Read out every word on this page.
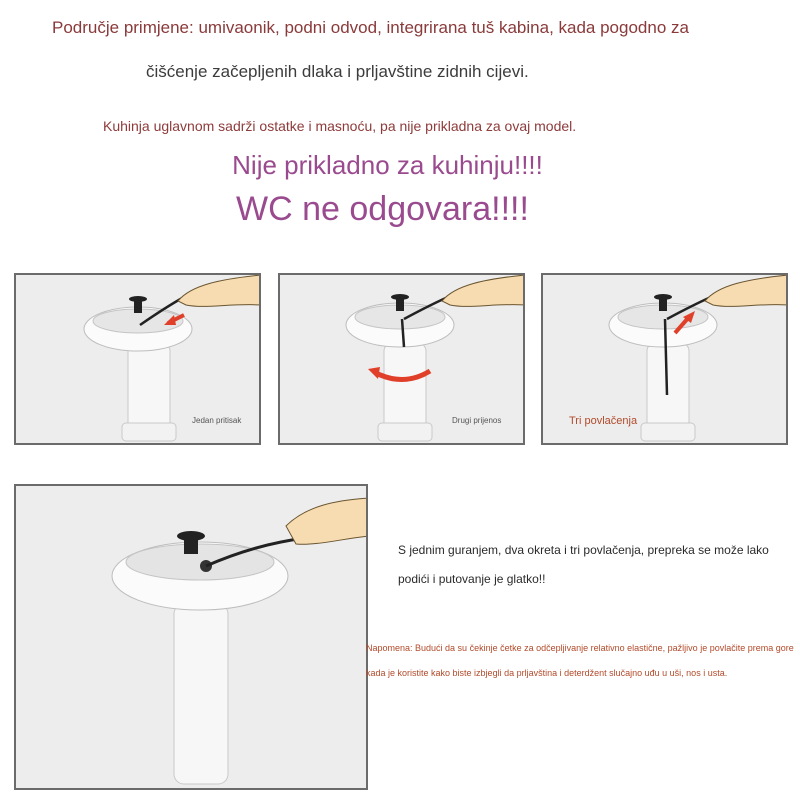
Područje primjene: umivaonik, podni odvod, integrirana tuš kabina, kada pogodno za
čišćenje začepljenih dlaka i prljavštine zidnih cijevi.
Kuhinja uglavnom sadrži ostatke i masnoću, pa nije prikladna za ovaj model.
Nije prikladno za kuhinju!!!!
WC ne odgovara!!!!
Jedan pritisak	Drugi prijenos	Tri povlačenja
S jednim guranjem, dva okreta i tri povlačenja, prepreka se može lako podići i putovanje je glatko!!
Napomena: Budući da su čekinje četke za odčepljivanje relativno elastične, pažljivo je povlačite prema gore kada je koristite kako biste izbjegli da prljavština i deterdžent slučajno uđu u uši, nos i usta.
